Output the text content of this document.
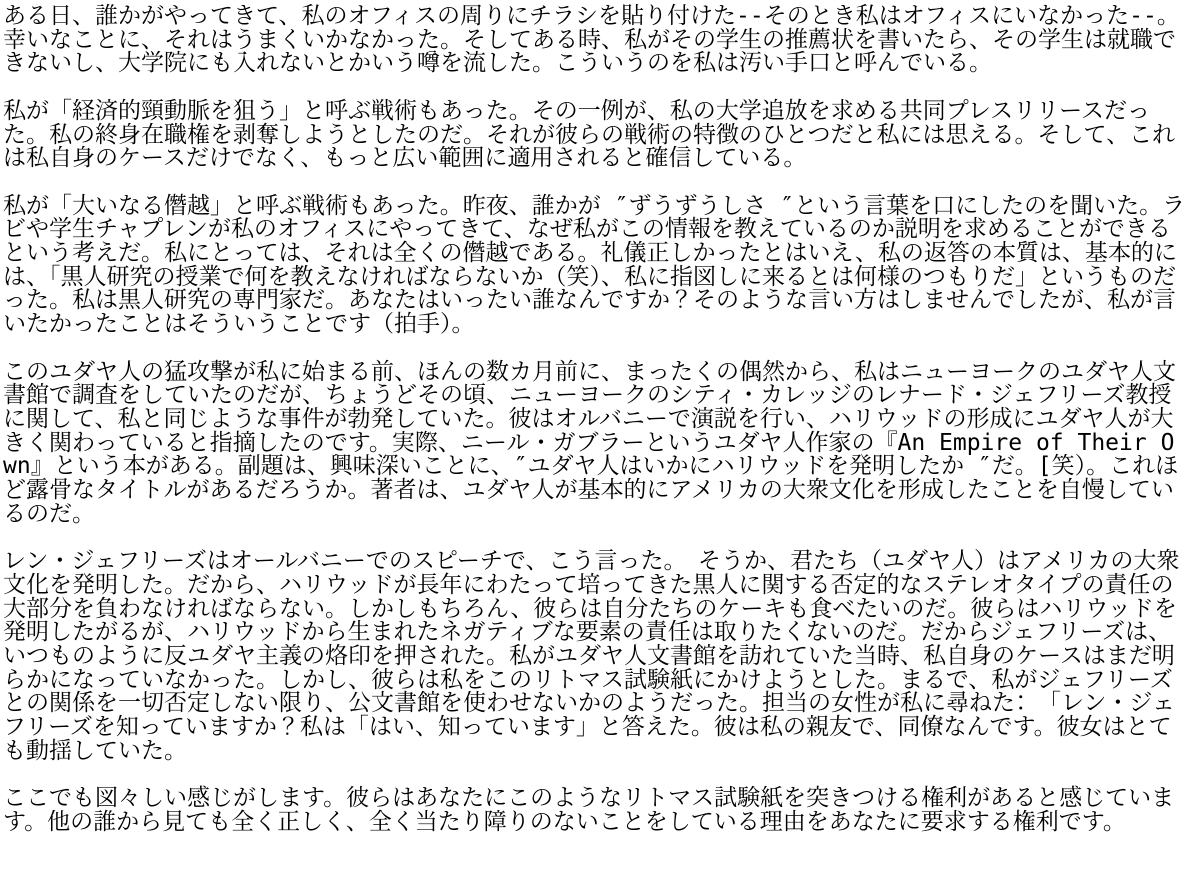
ある日、誰かがやってきて、私のオフィスの周りにチラシを貼り付けた--そのとき私はオフィスにいなかった--。幸いなことに、それはうまくいかなかった。そしてある時、私がその学生の推薦状を書いたら、その学生は就職できないし、大学院にも入れないとかいう噂を流した。こういうのを私は汚い手口と呼んでいる。

私が「経済的頸動脈を狙う」と呼ぶ戦術もあった。その一例が、私の大学追放を求める共同プレスリリースだった。私の終身在職権を剥奪しようとしたのだ。それが彼らの戦術の特徴のひとつだと私には思える。そして、これは私自身のケースだけでなく、もっと広い範囲に適用されると確信している。

私が「大いなる僭越」と呼ぶ戦術もあった。昨夜、誰かが ″ずうずうしさ ″という言葉を口にしたのを聞いた。ラビや学生チャプレンが私のオフィスにやってきて、なぜ私がこの情報を教えているのか説明を求めることができるという考えだ。私にとっては、それは全くの僭越である。礼儀正しかったとはいえ、私の返答の本質は、基本的には、「黒人研究の授業で何を教えなければならないか（笑）、私に指図しに来るとは何様のつもりだ」というものだった。私は黒人研究の専門家だ。あなたはいったい誰なんですか？そのような言い方はしませんでしたが、私が言いたかったことはそういうことです（拍手）。

このユダヤ人の猛攻撃が私に始まる前、ほんの数カ月前に、まったくの偶然から、私はニューヨークのユダヤ人文書館で調査をしていたのだが、ちょうどその頃、ニューヨークのシティ・カレッジのレナード・ジェフリーズ教授に関して、私と同じような事件が勃発していた。彼はオルバニーで演説を行い、ハリウッドの形成にユダヤ人が大きく関わっていると指摘したのです。実際、ニール・ガブラーというユダヤ人作家の『An Empire of Their Own』という本がある。副題は、興味深いことに、″ユダヤ人はいかにハリウッドを発明したか ″だ。[笑）。これほど露骨なタイトルがあるだろうか。著者は、ユダヤ人が基本的にアメリカの大衆文化を形成したことを自慢しているのだ。

レン・ジェフリーズはオールバニーでのスピーチで、こう言った。　そうか、君たち（ユダヤ人）はアメリカの大衆文化を発明した。だから、ハリウッドが長年にわたって培ってきた黒人に関する否定的なステレオタイプの責任の大部分を負わなければならない。しかしもちろん、彼らは自分たちのケーキも食べたいのだ。彼らはハリウッドを発明したがるが、ハリウッドから生まれたネガティブな要素の責任は取りたくないのだ。だからジェフリーズは、いつものように反ユダヤ主義の烙印を押された。私がユダヤ人文書館を訪れていた当時、私自身のケースはまだ明らかになっていなかった。しかし、彼らは私をこのリトマス試験紙にかけようとした。まるで、私がジェフリーズとの関係を一切否定しない限り、公文書館を使わせないかのようだった。担当の女性が私に尋ねた：　「レン・ジェフリーズを知っていますか？私は「はい、知っています」と答えた。彼は私の親友で、同僚なんです。彼女はとても動揺していた。

ここでも図々しい感じがします。彼らはあなたにこのようなリトマス試験紙を突きつける権利があると感じています。他の誰から見ても全く正しく、全く当たり障りのないことをしている理由をあなたに要求する権利です。
